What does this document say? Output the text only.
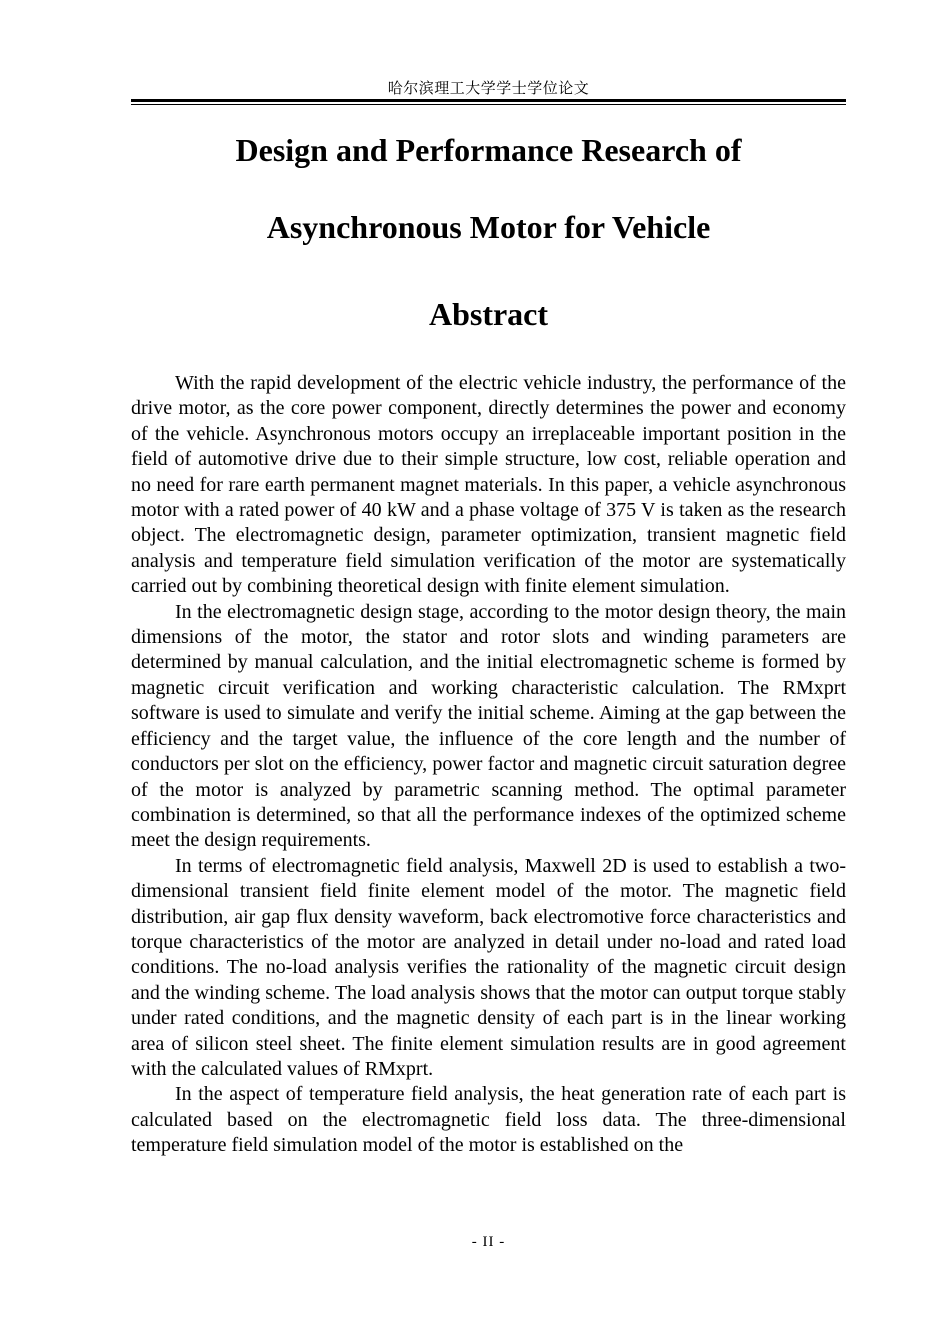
哈尔滨理工大学学士学位论文
Design and Performance Research of
Asynchronous Motor for Vehicle
Abstract

With the rapid development of the electric vehicle industry, the performance of the drive motor, as the core power component, directly determines the power and economy of the vehicle. Asynchronous motors occupy an irreplaceable important position in the field of automotive drive due to their simple structure, low cost, reliable operation and no need for rare earth permanent magnet materials. In this paper, a vehicle asynchronous motor with a rated power of 40 kW and a phase voltage of 375 V is taken as the research object. The electromagnetic design, parameter optimization, transient magnetic field analysis and temperature field simulation verification of the motor are systematically carried out by combining theoretical design with finite element simulation.

In the electromagnetic design stage, according to the motor design theory, the main dimensions of the motor, the stator and rotor slots and winding parameters are determined by manual calculation, and the initial electromagnetic scheme is formed by magnetic circuit verification and working characteristic calculation. The RMxprt software is used to simulate and verify the initial scheme. Aiming at the gap between the efficiency and the target value, the influence of the core length and the number of conductors per slot on the efficiency, power factor and magnetic circuit saturation degree of the motor is analyzed by parametric scanning method. The optimal parameter combination is determined, so that all the performance indexes of the optimized scheme meet the design requirements.

In terms of electromagnetic field analysis, Maxwell 2D is used to establish a two-dimensional transient field finite element model of the motor. The magnetic field distribution, air gap flux density waveform, back electromotive force characteristics and torque characteristics of the motor are analyzed in detail under no-load and rated load conditions. The no-load analysis verifies the rationality of the magnetic circuit design and the winding scheme. The load analysis shows that the motor can output torque stably under rated conditions, and the magnetic density of each part is in the linear working area of silicon steel sheet. The finite element simulation results are in good agreement with the calculated values of RMxprt.

In the aspect of temperature field analysis, the heat generation rate of each part is calculated based on the electromagnetic field loss data. The three-dimensional temperature field simulation model of the motor is established on the

- II -
